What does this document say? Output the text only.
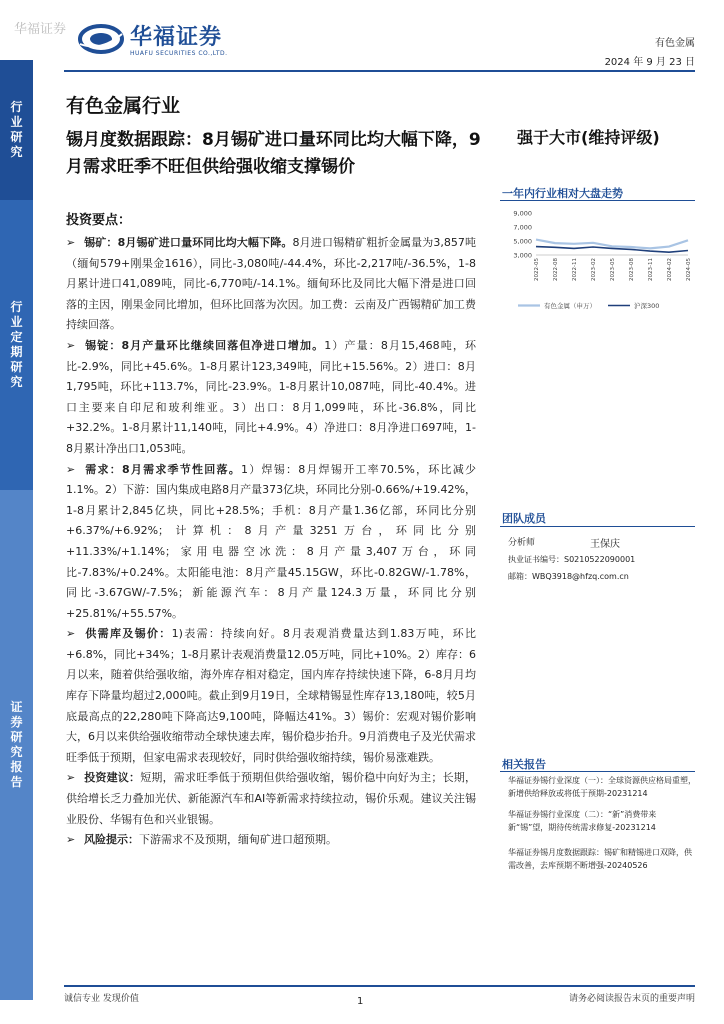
华福证券	华福证券
HUAFU SECURITIES CO.,LTD.
有色金属
2024 年 9 月 23 日
行业研究
行业定期研究
证券研究报告
有色金属行业
锡月度数据跟踪：8月锡矿进口量环同比均大幅下降，9月需求旺季不旺但供给强收缩支撑锡价
强于大市(维持评级)
一年内行业相对大盘走势
9,000
7,000
5,000
3,000
2022-05 2022-08 2022-11 2023-02 2023-05 2023-08 2023-11 2024-02 2024-05
有色金属（申万）	沪深300
团队成员
分析师	王保庆
执业证书编号：S0210522090001
邮箱：WBQ3918@hfzq.com.cn
相关报告
华福证券锡行业深度（一）：全球资源供应格局重塑，新增供给释放或将低于预期-20231214
华福证券锡行业深度（二）：“新”消费带来新“锡”望，期待传统需求修复-20231214
华福证券锡月度数据跟踪：锡矿和精锡进口双降，供需改善，去库预期不断增强-20240526
投资要点：

➢ 锡矿：8月锡矿进口量环同比均大幅下降。8月进口锡精矿粗折金属量为3,857吨（缅甸579+刚果金1616），同比-3,080吨/-44.4%，环比-2,217吨/-36.5%，1-8月累计进口41,089吨，同比-6,770吨/-14.1%。缅甸环比及同比大幅下滑是进口回落的主因，刚果金同比增加，但环比回落为次因。加工费：云南及广西锡精矿加工费持续回落。

➢ 锡锭：8月产量环比继续回落但净进口增加。1）产量：8月15,468吨，环比-2.9%，同比+45.6%。1-8月累计123,349吨，同比+15.56%。2）进口：8月1,795吨，环比+113.7%，同比-23.9%。1-8月累计10,087吨，同比-40.4%。进口主要来自印尼和玻利维亚。3）出口：8月1,099吨，环比-36.8%，同比+32.2%。1-8月累计11,140吨，同比+4.9%。4）净进口：8月净进口697吨，1-8月累计净出口1,053吨。

➢ 需求：8月需求季节性回落。1）焊锡：8月焊锡开工率70.5%，环比减少1.1%。2）下游：国内集成电路8月产量373亿块，环同比分别-0.66%/+19.42%，1-8月累计2,845亿块，同比+28.5%；手机：8月产量1.36亿部，环同比分别+6.37%/+6.92%；计算机：8月产量3251万台，环同比分别+11.33%/+1.14%；家用电器空冰洗：8月产量3,407万台，环同比-7.83%/+0.24%。太阳能电池：8月产量45.15GW，环比-0.82GW/-1.78%，同比-3.67GW/-7.5%；新能源汽车：8月产量124.3万量，环同比分别+25.81%/+55.57%。

➢ 供需库及锡价：1)表需：持续向好。8月表观消费量达到1.83万吨，环比+6.8%，同比+34%；1-8月累计表观消费量12.05万吨，同比+10%。2）库存：6月以来，随着供给强收缩，海外库存相对稳定，国内库存持续快速下降，6-8月月均库存下降量均超过2,000吨。截止到9月19日，全球精锡显性库存13,180吨，较5月底最高点的22,280吨下降高达9,100吨，降幅达41%。3）锡价：宏观对锡价影响大，6月以来供给强收缩带动全球快速去库，锡价稳步抬升。9月消费电子及光伏需求旺季低于预期，但家电需求表现较好，同时供给强收缩持续，锡价易涨难跌。

➢ 投资建议：短期，需求旺季低于预期但供给强收缩，锡价稳中向好为主；长期，供给增长乏力叠加光伏、新能源汽车和AI等新需求持续拉动，锡价乐观。建议关注锡业股份、华锡有色和兴业银锡。

➢ 风险提示：下游需求不及预期，缅甸矿进口超预期。

诚信专业 发现价值	1	请务必阅读报告末页的重要声明
